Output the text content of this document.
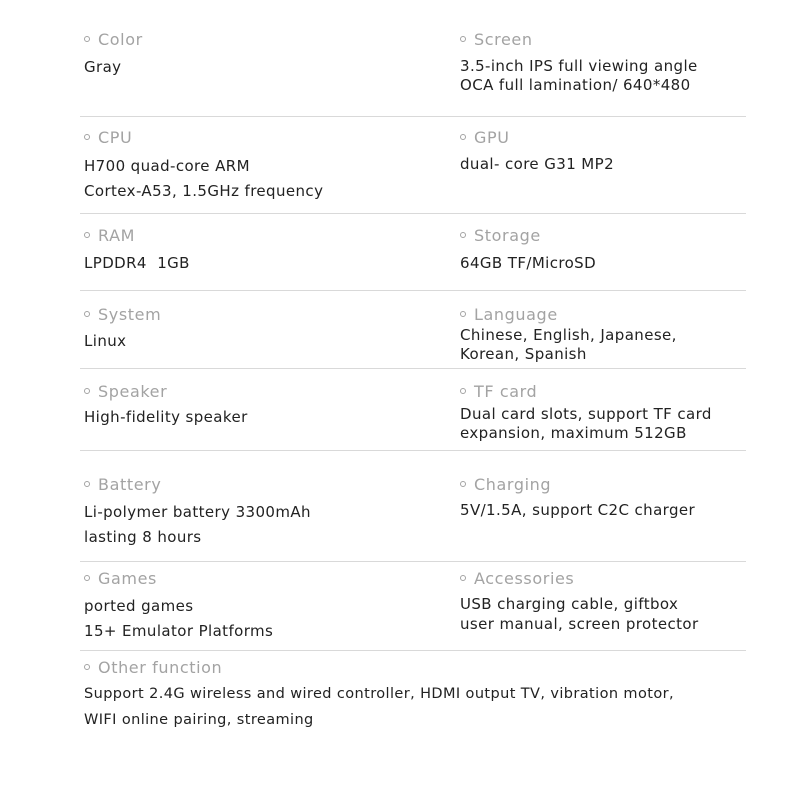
Color
Gray
Screen
3.5-inch IPS full viewing angle
OCA full lamination/ 640*480
CPU
H700 quad-core ARM
Cortex-A53, 1.5GHz frequency
GPU
dual- core G31 MP2
RAM
LPDDR4  1GB
Storage
64GB TF/MicroSD
System
Linux
Language
Chinese, English, Japanese,
Korean, Spanish
Speaker
High-fidelity speaker
TF card
Dual card slots, support TF card
expansion, maximum 512GB
Battery
Li-polymer battery 3300mAh
lasting 8 hours
Charging
5V/1.5A, support C2C charger
Games
ported games
15+ Emulator Platforms
Accessories
USB charging cable, giftbox
user manual, screen protector
Other function
Support 2.4G wireless and wired controller, HDMI output TV, vibration motor,
WIFI online pairing, streaming
